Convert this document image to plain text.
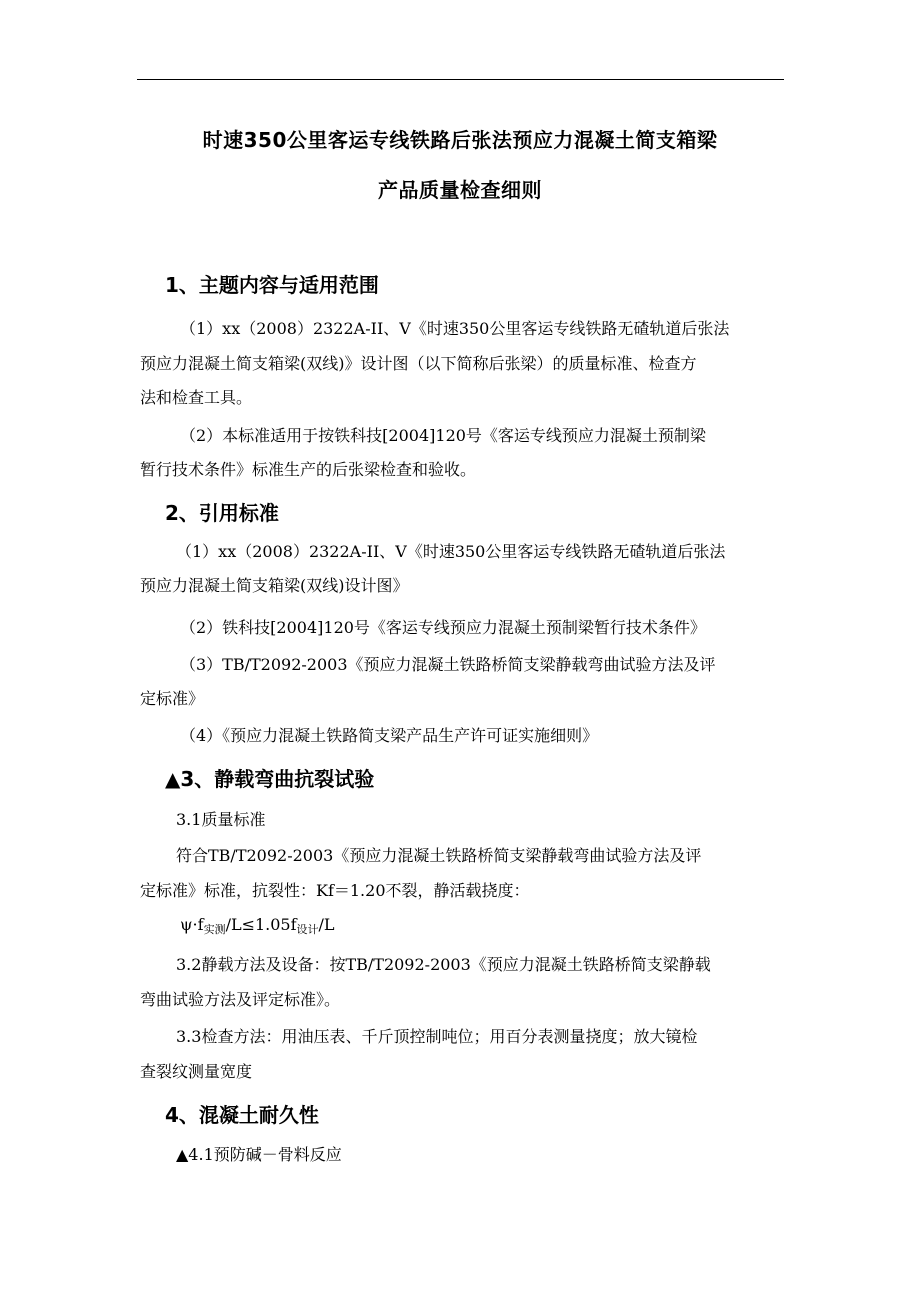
时速350公里客运专线铁路后张法预应力混凝土简支箱梁
产品质量检查细则
1、主题内容与适用范围
（1）xx（2008）2322A-II、V《时速350公里客运专线铁路无碴轨道后张法
预应力混凝土简支箱梁(双线)》设计图（以下简称后张梁）的质量标准、检查方
法和检查工具。
（2）本标准适用于按铁科技[2004]120号《客运专线预应力混凝土预制梁
暂行技术条件》标准生产的后张梁检查和验收。
2、引用标准
（1）xx（2008）2322A-II、V《时速350公里客运专线铁路无碴轨道后张法
预应力混凝土简支箱梁(双线)设计图》
（2）铁科技[2004]120号《客运专线预应力混凝土预制梁暂行技术条件》
（3）TB/T2092-2003《预应力混凝土铁路桥简支梁静载弯曲试验方法及评
定标准》
（4）《预应力混凝土铁路简支梁产品生产许可证实施细则》
▲3、静载弯曲抗裂试验
3.1质量标准
符合TB/T2092-2003《预应力混凝土铁路桥简支梁静载弯曲试验方法及评
定标准》标准，抗裂性：Kf＝1.20不裂，静活载挠度：
$\psi\cdot f_{实测}/L\le 1.05f_{设计}/L$
3.2静载方法及设备：按TB/T2092-2003《预应力混凝土铁路桥简支梁静载
弯曲试验方法及评定标准》。
3.3检查方法：用油压表、千斤顶控制吨位；用百分表测量挠度；放大镜检
查裂纹测量宽度
4、混凝土耐久性
▲4.1预防碱－骨料反应
